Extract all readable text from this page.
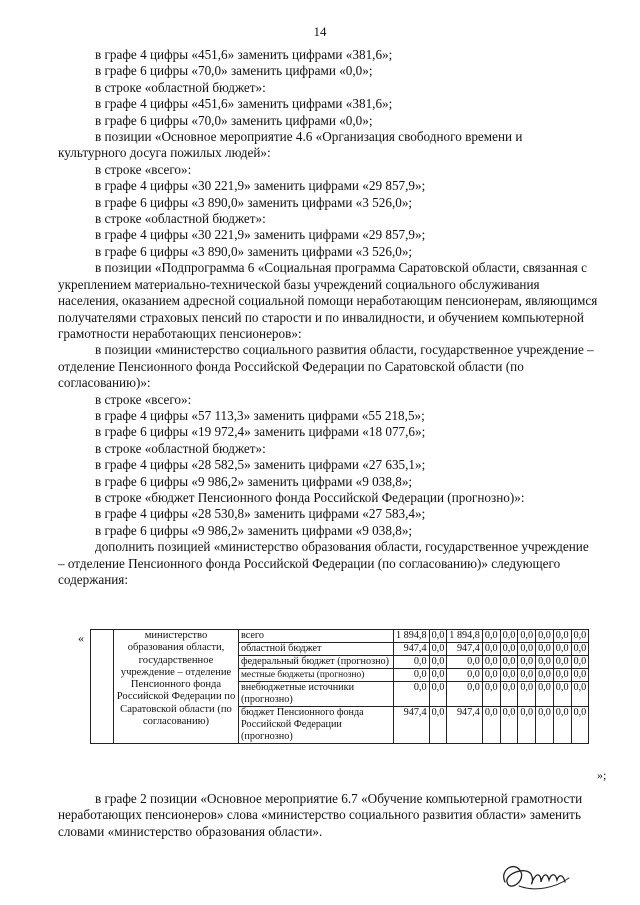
14
в графе 4 цифры «451,6» заменить цифрами «381,6»;
в графе 6 цифры «70,0» заменить цифрами «0,0»;
в строке «областной бюджет»:
в графе 4 цифры «451,6» заменить цифрами «381,6»;
в графе 6 цифры «70,0» заменить цифрами «0,0»;
в позиции «Основное мероприятие 4.6 «Организация свободного времени и культурного досуга пожилых людей»:
в строке «всего»:
в графе 4 цифры «30 221,9» заменить цифрами «29 857,9»;
в графе 6 цифры «3 890,0» заменить цифрами «3 526,0»;
в строке «областной бюджет»:
в графе 4 цифры «30 221,9» заменить цифрами «29 857,9»;
в графе 6 цифры «3 890,0» заменить цифрами «3 526,0»;
в позиции «Подпрограмма 6 «Социальная программа Саратовской области, связанная с укреплением материально-технической базы учреждений социального обслуживания населения, оказанием адресной социальной помощи неработающим пенсионерам, являющимся получателями страховых пенсий по старости и по инвалидности, и обучением компьютерной грамотности неработающих пенсионеров»:
в позиции «министерство социального развития области, государственное учреждение – отделение Пенсионного фонда Российской Федерации по Саратовской области (по согласованию)»:
в строке «всего»:
в графе 4 цифры «57 113,3» заменить цифрами «55 218,5»;
в графе 6 цифры «19 972,4» заменить цифрами «18 077,6»;
в строке «областной бюджет»:
в графе 4 цифры «28 582,5» заменить цифрами «27 635,1»;
в графе 6 цифры «9 986,2» заменить цифрами «9 038,8»;
в строке «бюджет Пенсионного фонда Российской Федерации (прогнозно)»:
в графе 4 цифры «28 530,8» заменить цифрами «27 583,4»;
в графе 6 цифры «9 986,2» заменить цифрами «9 038,8»;
дополнить позицией «министерство образования области, государственное учреждение – отделение Пенсионного фонда Российской Федерации (по согласованию)» следующего содержания:
«
		министерство образования области, государственное учреждение – отделение Пенсионного фонда Российской Федерации по Саратовской области (по согласованию)	всего	1 894,8	0,0	1 894,8	0,0	0,0	0,0	0,0	0,0	0,0
		областной бюджет	947,4	0,0	947,4	0,0	0,0	0,0	0,0	0,0	0,0
		федеральный бюджет (прогнозно)	0,0	0,0	0,0	0,0	0,0	0,0	0,0	0,0	0,0
		местные бюджеты (прогнозно)	0,0	0,0	0,0	0,0	0,0	0,0	0,0	0,0	0,0
		внебюджетные источники (прогнозно)	0,0	0,0	0,0	0,0	0,0	0,0	0,0	0,0	0,0
		бюджет Пенсионного фонда Российской Федерации (прогнозно)	947,4	0,0	947,4	0,0	0,0	0,0	0,0	0,0	0,0
»;
в графе 2 позиции «Основное мероприятие 6.7 «Обучение компьютерной грамотности неработающих пенсионеров» слова «министерство социального развития области» заменить словами «министерство образования области».
